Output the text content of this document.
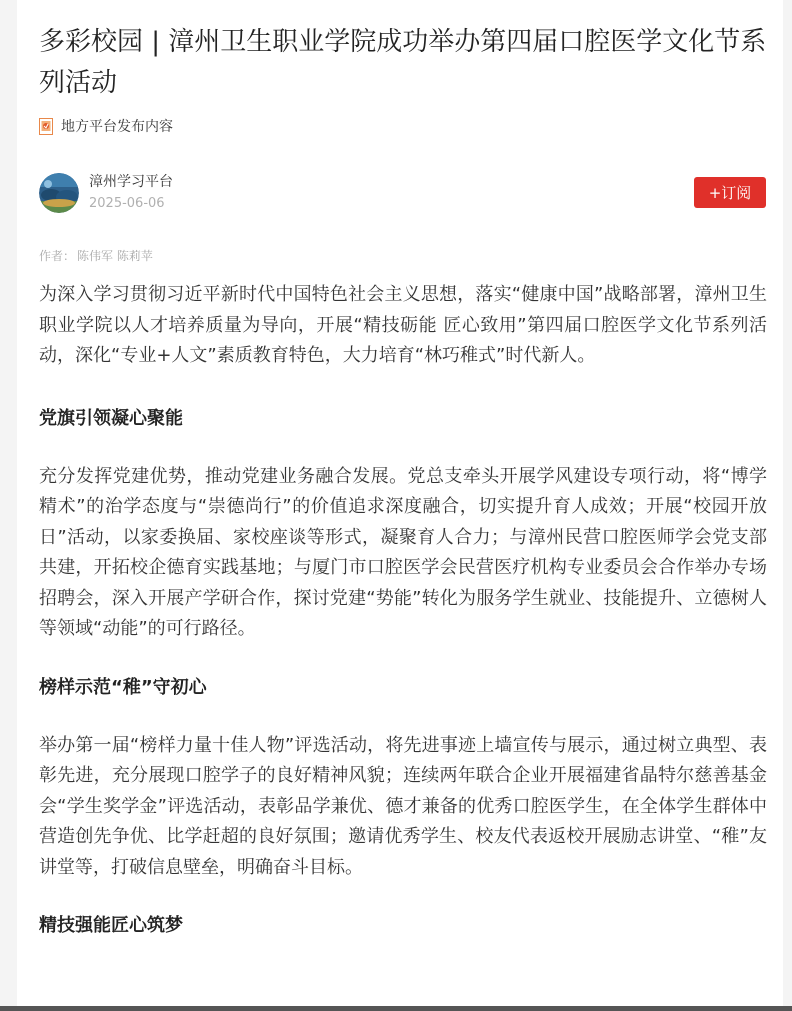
多彩校园 | 漳州卫生职业学院成功举办第四届口腔医学文化节系列活动
地方平台发布内容
漳州学习平台
2025-06-06
+订阅
作者： 陈伟军 陈莉苹

为深入学习贯彻习近平新时代中国特色社会主义思想，落实“健康中国”战略部署，漳州卫生职业学院以人才培养质量为导向，开展“精技砺能 匠心致用”第四届口腔医学文化节系列活动，深化“专业+人文”素质教育特色，大力培育“林巧稚式”时代新人。

党旗引领凝心聚能

充分发挥党建优势，推动党建业务融合发展。党总支牵头开展学风建设专项行动，将“博学精术”的治学态度与“崇德尚行”的价值追求深度融合，切实提升育人成效；开展“校园开放日”活动，以家委换届、家校座谈等形式，凝聚育人合力；与漳州民营口腔医师学会党支部共建，开拓校企德育实践基地；与厦门市口腔医学会民营医疗机构专业委员会合作举办专场招聘会，深入开展产学研合作，探讨党建“势能”转化为服务学生就业、技能提升、立德树人等领域“动能”的可行路径。

榜样示范“稚”守初心

举办第一届“榜样力量十佳人物”评选活动，将先进事迹上墙宣传与展示，通过树立典型、表彰先进，充分展现口腔学子的良好精神风貌；连续两年联合企业开展福建省晶特尔慈善基金会“学生奖学金”评选活动，表彰品学兼优、德才兼备的优秀口腔医学生，在全体学生群体中营造创先争优、比学赶超的良好氛围；邀请优秀学生、校友代表返校开展励志讲堂、“稚”友讲堂等，打破信息壁垒，明确奋斗目标。

精技强能匠心筑梦
